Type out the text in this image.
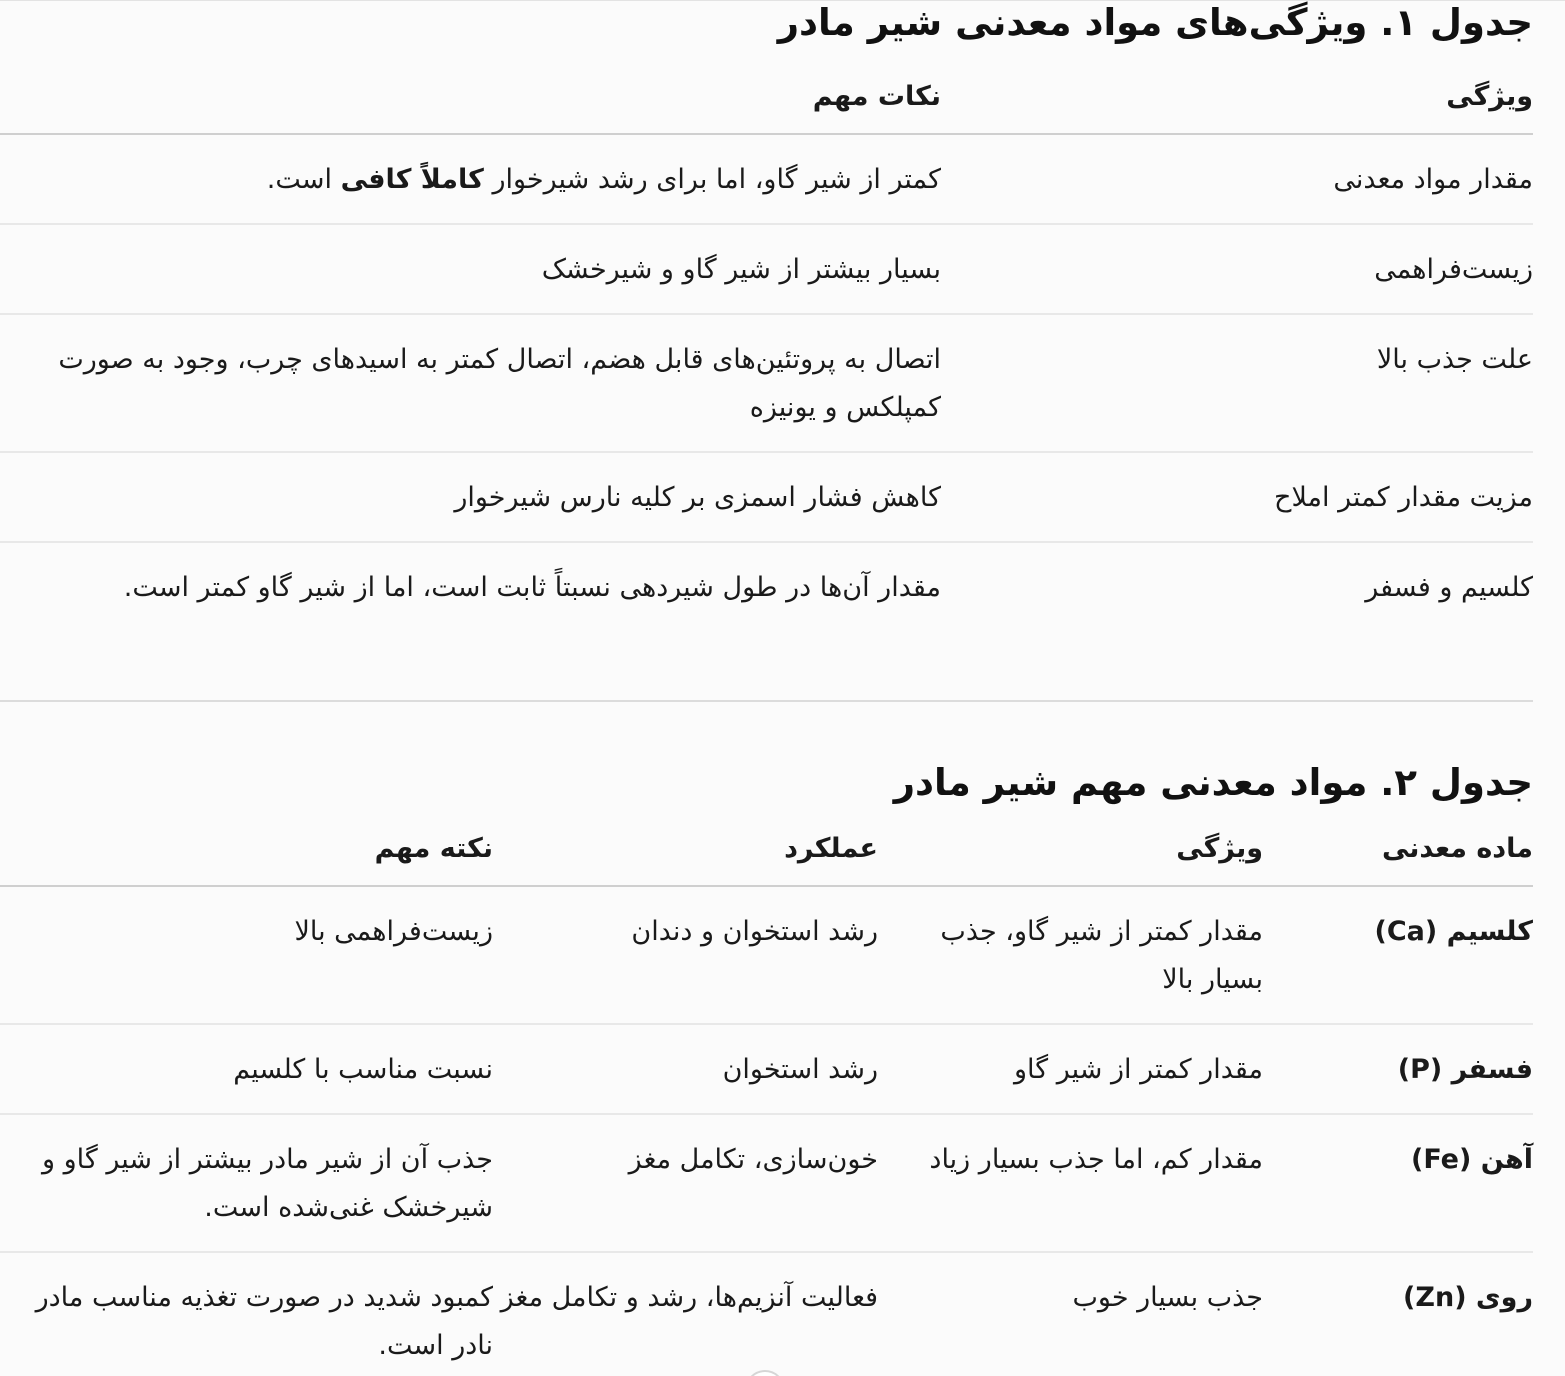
جدول ۱. ویژگی‌های مواد معدنی شیر مادر
ویژگی	نکات مهم
مقدار مواد معدنی	کمتر از شیر گاو، اما برای رشد شیرخوار کاملاً کافی است.
زیست‌فراهمی	بسیار بیشتر از شیر گاو و شیرخشک
علت جذب بالا	اتصال به پروتئین‌های قابل هضم، اتصال کمتر به اسیدهای چرب، وجود به صورت کمپلکس و یونیزه
مزیت مقدار کمتر املاح	کاهش فشار اسمزی بر کلیه نارس شیرخوار
کلسیم و فسفر	مقدار آن‌ها در طول شیردهی نسبتاً ثابت است، اما از شیر گاو کمتر است.
جدول ۲. مواد معدنی مهم شیر مادر
ماده معدنی	ویژگی	عملکرد	نکته مهم
کلسیم (Ca)	مقدار کمتر از شیر گاو، جذب بسیار بالا	رشد استخوان و دندان	زیست‌فراهمی بالا
فسفر (P)	مقدار کمتر از شیر گاو	رشد استخوان	نسبت مناسب با کلسیم
آهن (Fe)	مقدار کم، اما جذب بسیار زیاد	خون‌سازی، تکامل مغز	جذب آن از شیر مادر بیشتر از شیر گاو و شیرخشک غنی‌شده است.
روی (Zn)	جذب بسیار خوب	فعالیت آنزیم‌ها، رشد و تکامل مغز	کمبود شدید در صورت تغذیه مناسب مادر نادر است.
